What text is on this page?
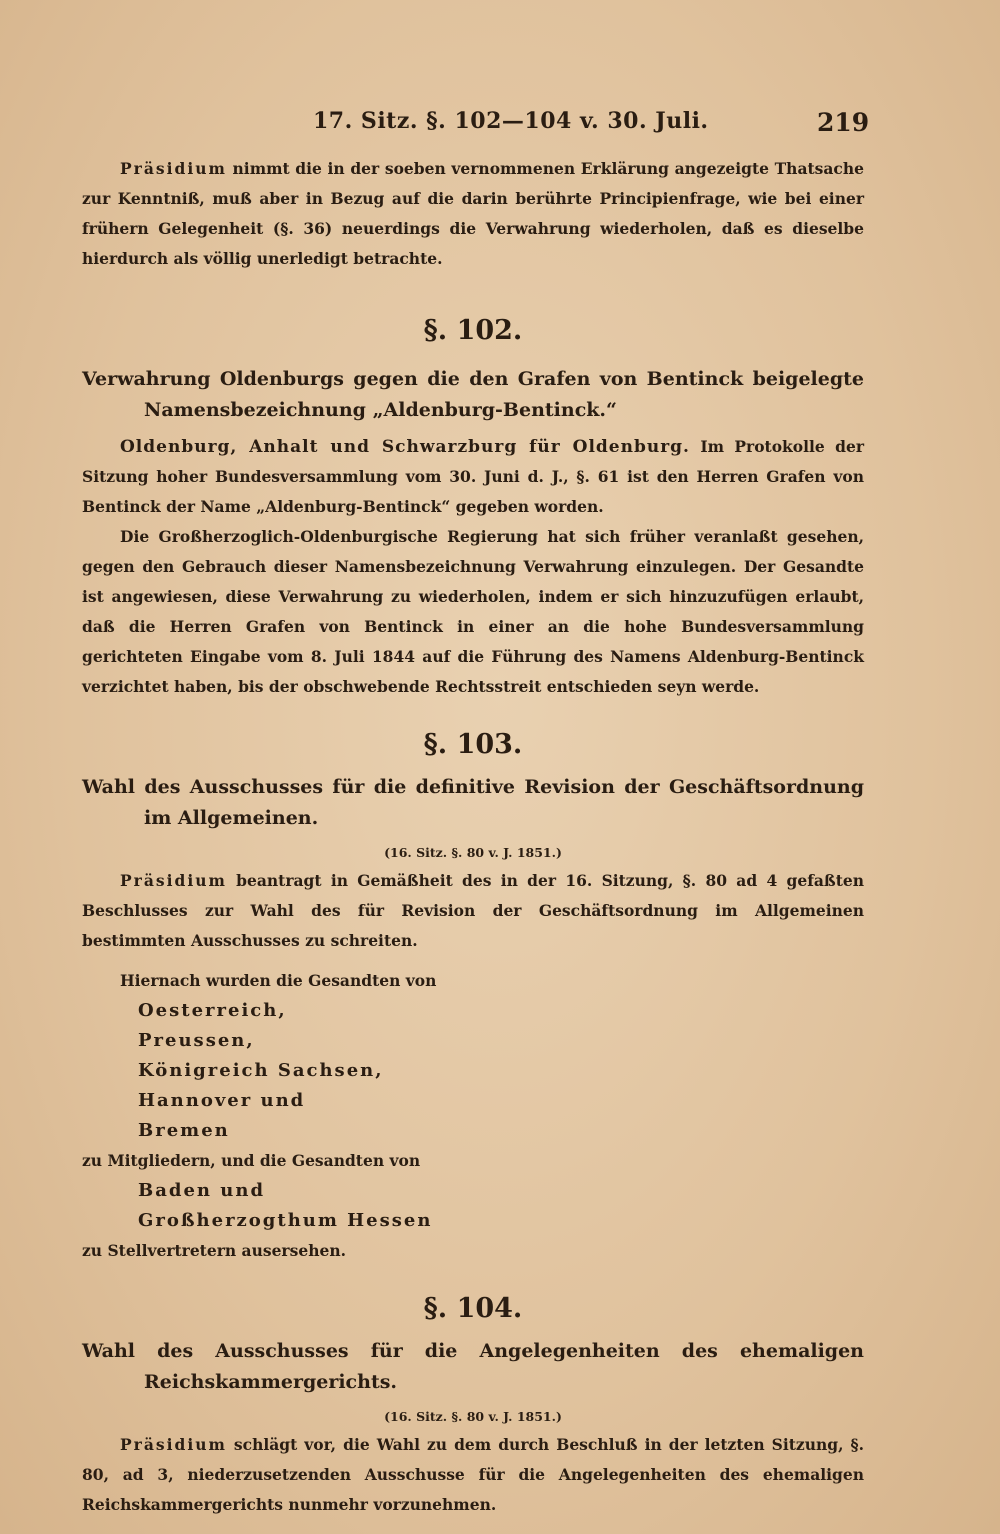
17. Sitz. §. 102—104 v. 30. Juli.	219

Präsidium nimmt die in der soeben vernommenen Erklärung angezeigte Thatsache zur Kenntniß, muß aber in Bezug auf die darin berührte Principienfrage, wie bei einer frühern Gelegenheit (§. 36) neuerdings die Verwahrung wiederholen, daß es dieselbe hierdurch als völlig unerledigt betrachte.

§. 102.
Verwahrung Oldenburgs gegen die den Grafen von Bentinck beigelegte Namensbezeichnung „Aldenburg-Bentinck.“

Oldenburg, Anhalt und Schwarzburg für Oldenburg. Im Protokolle der Sitzung hoher Bundesversammlung vom 30. Juni d. J., §. 61 ist den Herren Grafen von Bentinck der Name „Aldenburg-Bentinck“ gegeben worden.

Die Großherzoglich-Oldenburgische Regierung hat sich früher veranlaßt gesehen, gegen den Gebrauch dieser Namensbezeichnung Verwahrung einzulegen. Der Gesandte ist angewiesen, diese Verwahrung zu wiederholen, indem er sich hinzuzufügen erlaubt, daß die Herren Grafen von Bentinck in einer an die hohe Bundesversammlung gerichteten Eingabe vom 8. Juli 1844 auf die Führung des Namens Aldenburg-Bentinck verzichtet haben, bis der obschwebende Rechtsstreit entschieden seyn werde.

§. 103.
Wahl des Ausschusses für die definitive Revision der Geschäftsordnung im Allgemeinen.
(16. Sitz. §. 80 v. J. 1851.)

Präsidium beantragt in Gemäßheit des in der 16. Sitzung, §. 80 ad 4 gefaßten Beschlusses zur Wahl des für Revision der Geschäftsordnung im Allgemeinen bestimmten Ausschusses zu schreiten.

Hiernach wurden die Gesandten von

Oesterreich,
Preussen,
Königreich Sachsen,
Hannover und
Bremen

zu Mitgliedern, und die Gesandten von

Baden und
Großherzogthum Hessen

zu Stellvertretern ausersehen.

§. 104.
Wahl des Ausschusses für die Angelegenheiten des ehemaligen Reichskammergerichts.
(16. Sitz. §. 80 v. J. 1851.)

Präsidium schlägt vor, die Wahl zu dem durch Beschluß in der letzten Sitzung, §. 80, ad 3, niederzusetzenden Ausschusse für die Angelegenheiten des ehemaligen Reichskammergerichts nunmehr vorzunehmen.
